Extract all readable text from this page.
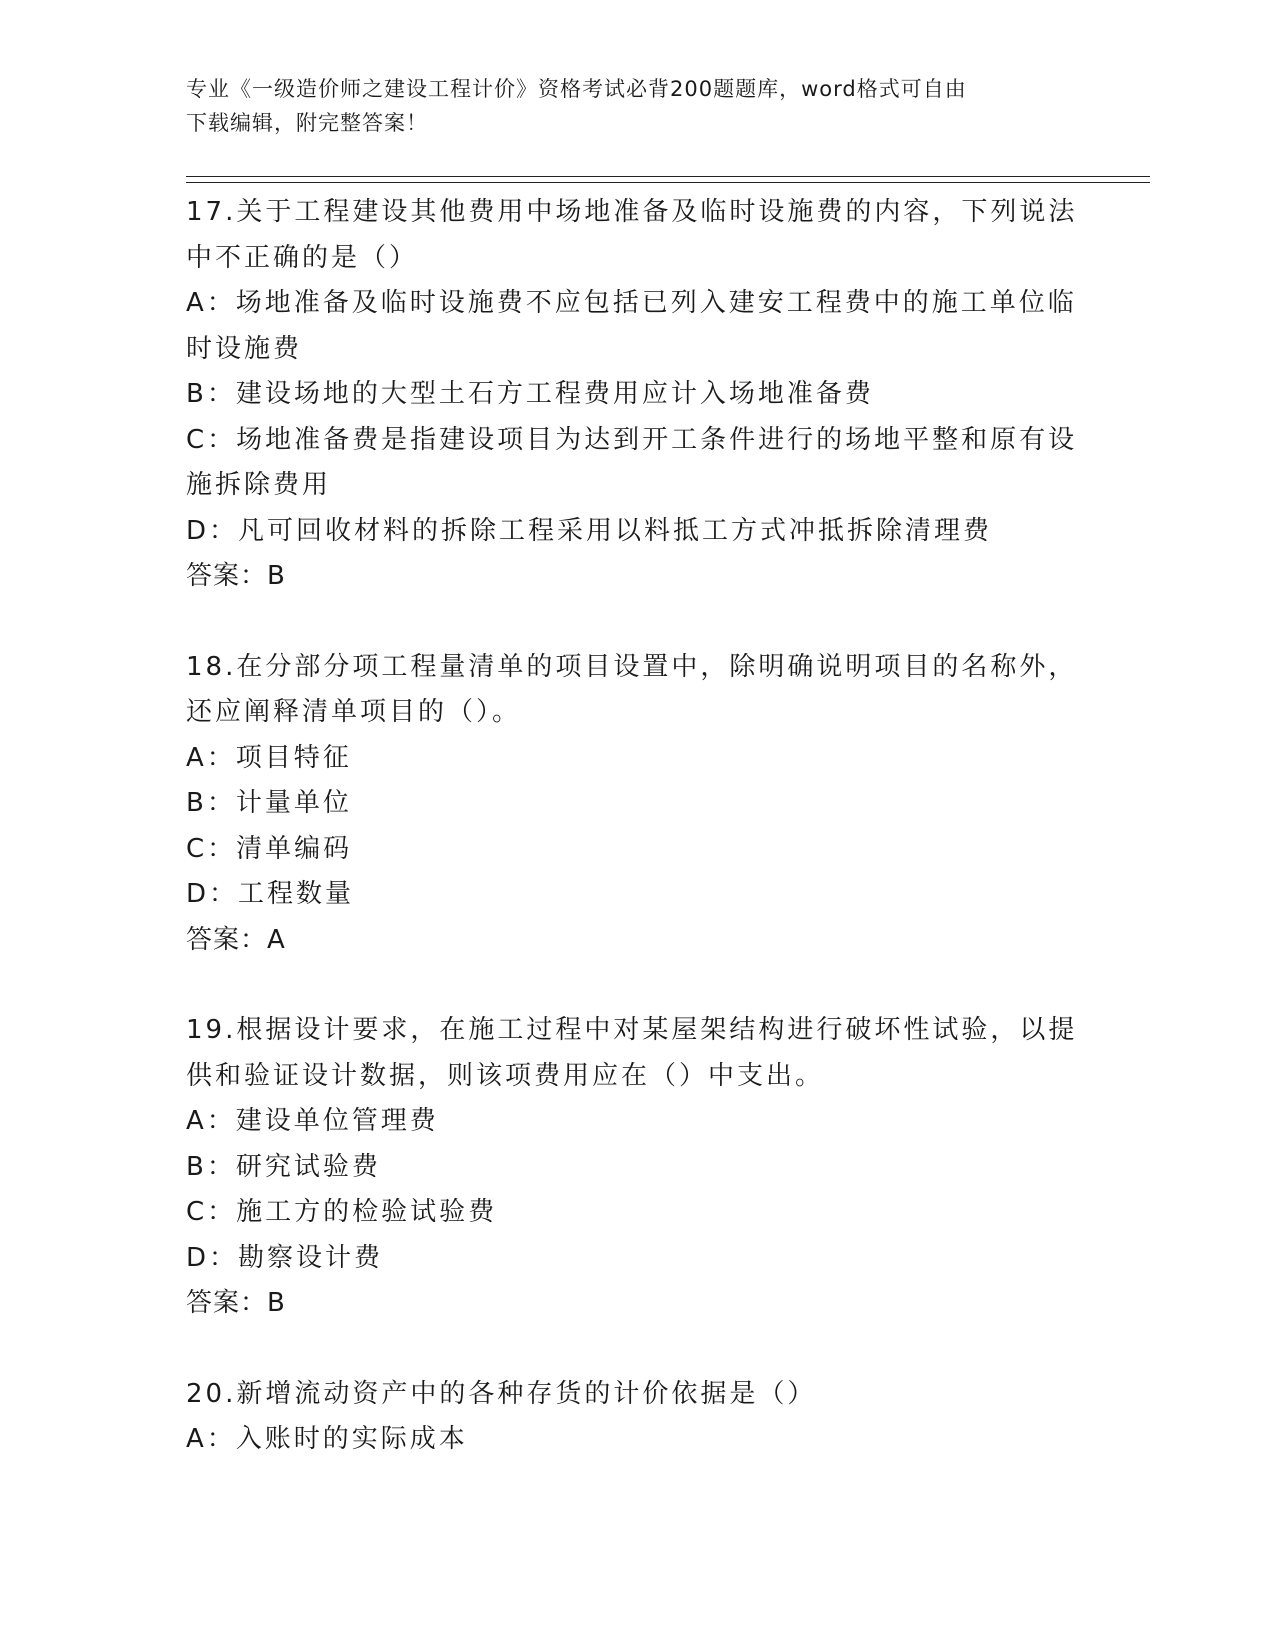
专业《一级造价师之建设工程计价》资格考试必背200题题库，word格式可自由
下载编辑，附完整答案！
17.关于工程建设其他费用中场地准备及临时设施费的内容，下列说法
中不正确的是（）
A：场地准备及临时设施费不应包括已列入建安工程费中的施工单位临
时设施费
B：建设场地的大型土石方工程费用应计入场地准备费
C：场地准备费是指建设项目为达到开工条件进行的场地平整和原有设
施拆除费用
D：凡可回收材料的拆除工程采用以料抵工方式冲抵拆除清理费
答案：B
18.在分部分项工程量清单的项目设置中，除明确说明项目的名称外，
还应阐释清单项目的（）。
A：项目特征
B：计量单位
C：清单编码
D：工程数量
答案：A
19.根据设计要求，在施工过程中对某屋架结构进行破坏性试验，以提
供和验证设计数据，则该项费用应在（）中支出。
A：建设单位管理费
B：研究试验费
C：施工方的检验试验费
D：勘察设计费
答案：B
20.新增流动资产中的各种存货的计价依据是（）
A：入账时的实际成本
